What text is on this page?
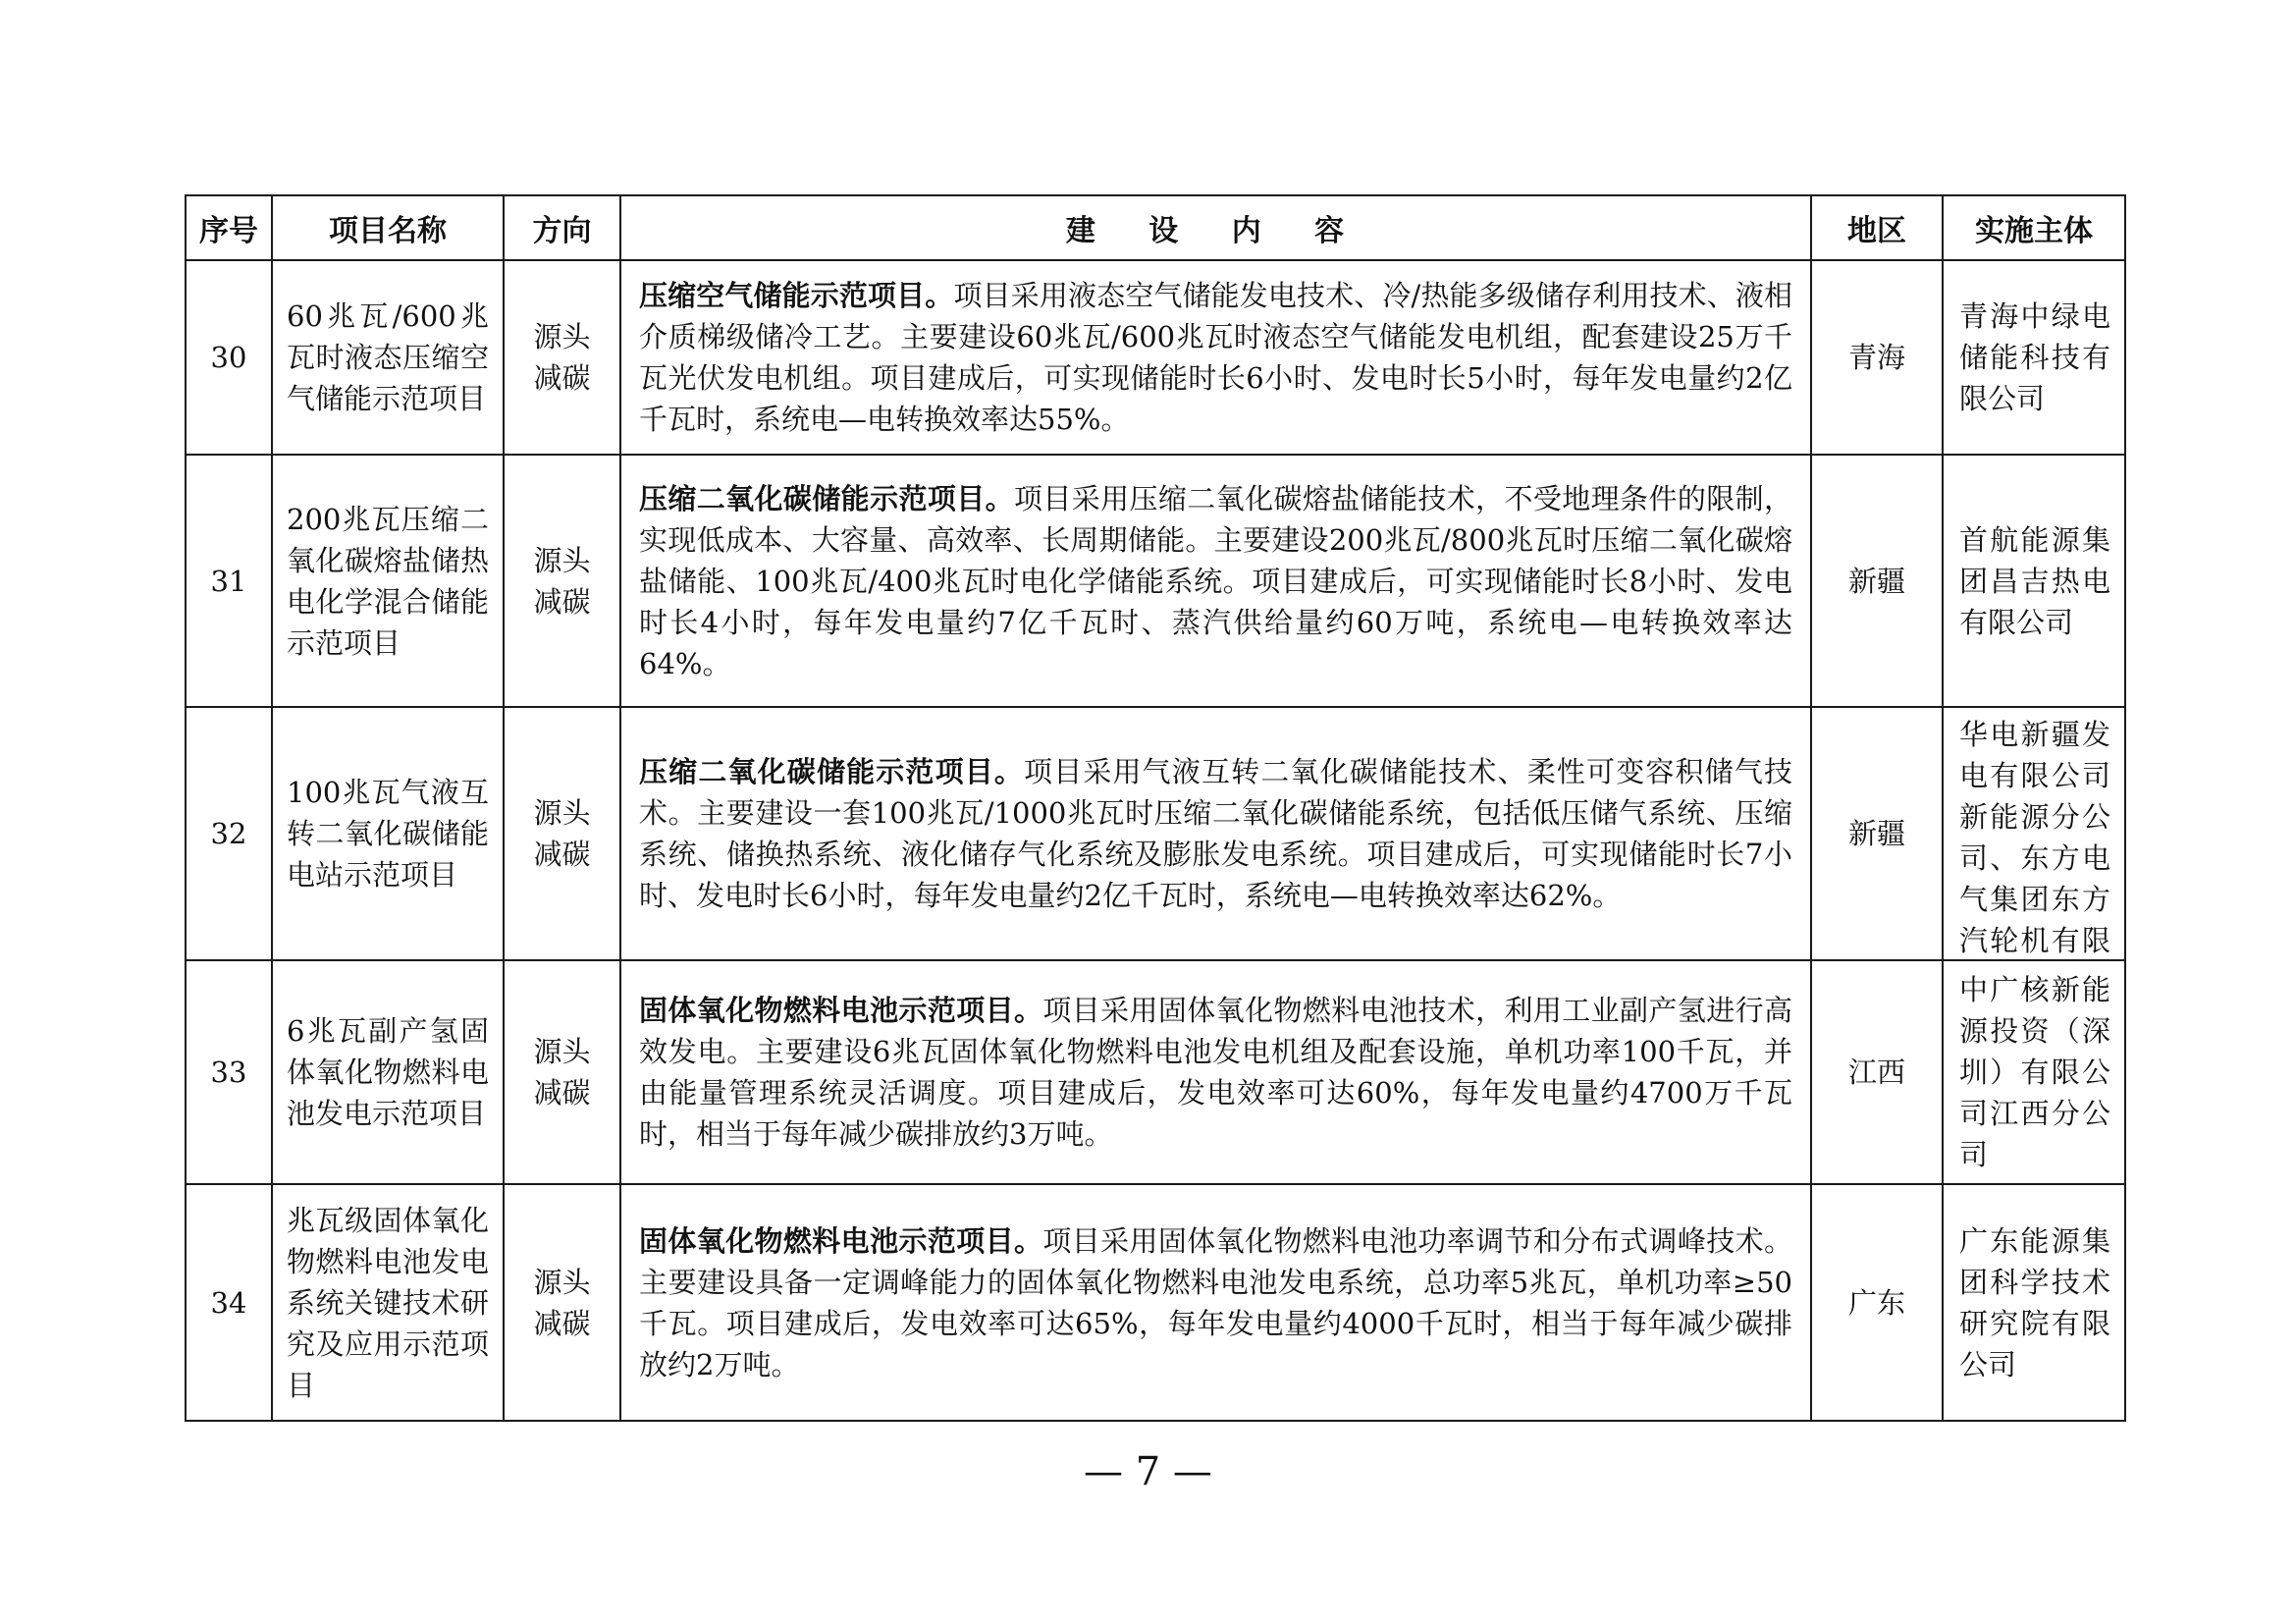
序号	项目名称	方向	建 设 内 容	地区	实施主体
30	60兆瓦/600兆瓦时液态压缩空气储能示范项目	源头减碳	压缩空气储能示范项目。项目采用液态空气储能发电技术、冷/热能多级储存利用技术、液相介质梯级储冷工艺。主要建设60兆瓦/600兆瓦时液态空气储能发电机组，配套建设25万千瓦光伏发电机组。项目建成后，可实现储能时长6小时、发电时长5小时，每年发电量约2亿千瓦时，系统电—电转换效率达55%。	青海	青海中绿电储能科技有限公司
31	200兆瓦压缩二氧化碳熔盐储热电化学混合储能示范项目	源头减碳	压缩二氧化碳储能示范项目。项目采用压缩二氧化碳熔盐储能技术，不受地理条件的限制，实现低成本、大容量、高效率、长周期储能。主要建设200兆瓦/800兆瓦时压缩二氧化碳熔盐储能、100兆瓦/400兆瓦时电化学储能系统。项目建成后，可实现储能时长8小时、发电时长4小时，每年发电量约7亿千瓦时、蒸汽供给量约60万吨，系统电—电转换效率达64%。	新疆	首航能源集团昌吉热电有限公司
32	100兆瓦气液互转二氧化碳储能电站示范项目	源头减碳	压缩二氧化碳储能示范项目。项目采用气液互转二氧化碳储能技术、柔性可变容积储气技术。主要建设一套100兆瓦/1000兆瓦时压缩二氧化碳储能系统，包括低压储气系统、压缩系统、储换热系统、液化储存气化系统及膨胀发电系统。项目建成后，可实现储能时长7小时、发电时长6小时，每年发电量约2亿千瓦时，系统电—电转换效率达62%。	新疆	华电新疆发电有限公司新能源分公司、东方电气集团东方汽轮机有限

33	6兆瓦副产氢固体氧化物燃料电池发电示范项目	源头减碳	固体氧化物燃料电池示范项目。项目采用固体氧化物燃料电池技术，利用工业副产氢进行高效发电。主要建设6兆瓦固体氧化物燃料电池发电机组及配套设施，单机功率100千瓦，并由能量管理系统灵活调度。项目建成后，发电效率可达60%，每年发电量约4700万千瓦时，相当于每年减少碳排放约3万吨。	江西	中广核新能源投资（深圳）有限公司江西分公司
34	兆瓦级固体氧化物燃料电池发电系统关键技术研究及应用示范项目	源头减碳	固体氧化物燃料电池示范项目。项目采用固体氧化物燃料电池功率调节和分布式调峰技术。主要建设具备一定调峰能力的固体氧化物燃料电池发电系统，总功率5兆瓦，单机功率≥50千瓦。项目建成后，发电效率可达65%，每年发电量约4000千瓦时，相当于每年减少碳排放约2万吨。	广东	广东能源集团科学技术研究院有限公司
— 7 —
